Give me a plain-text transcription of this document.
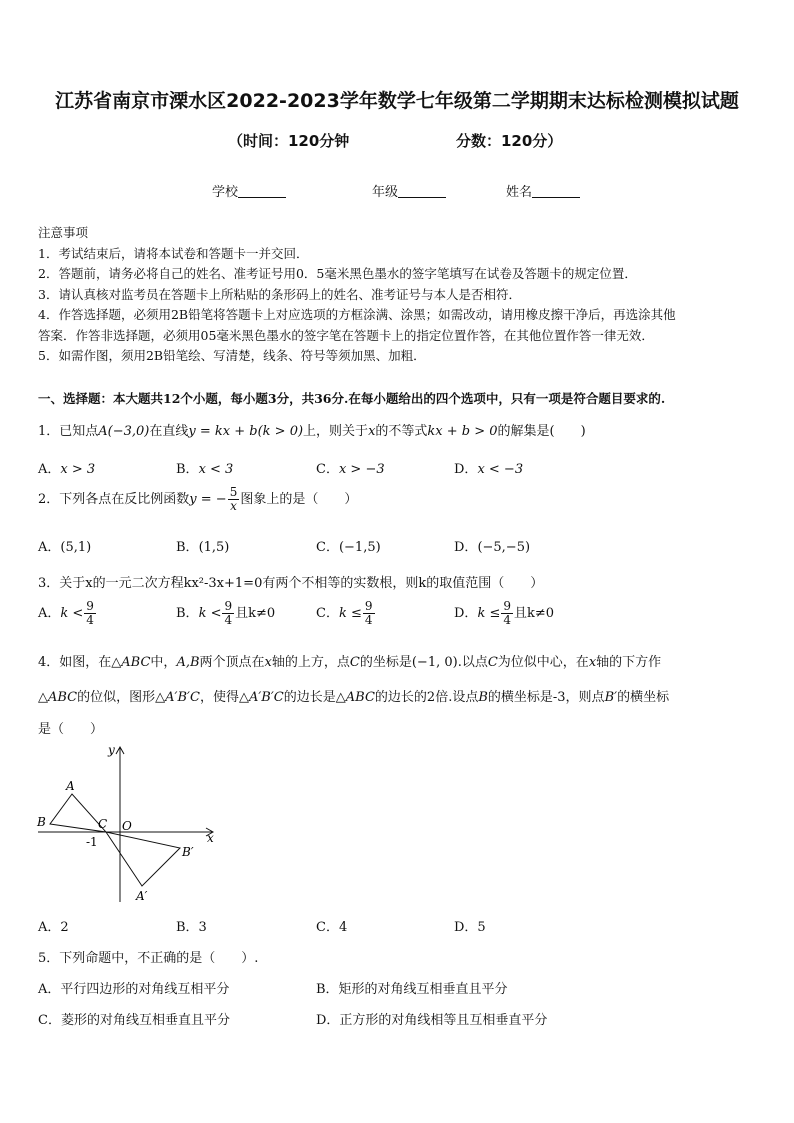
江苏省南京市溧水区2022-2023学年数学七年级第二学期期末达标检测模拟试题
（时间：120分钟	分数：120分）
学校	年级	姓名

注意事项

1．考试结束后，请将本试卷和答题卡一并交回．

2．答题前，请务必将自己的姓名、准考证号用0．5毫米黑色墨水的签字笔填写在试卷及答题卡的规定位置．

3．请认真核对监考员在答题卡上所粘贴的条形码上的姓名、准考证号与本人是否相符．

4．作答选择题，必须用2B铅笔将答题卡上对应选项的方框涂满、涂黑；如需改动，请用橡皮擦干净后，再选涂其他

答案．作答非选择题，必须用05毫米黑色墨水的签字笔在答题卡上的指定位置作答，在其他位置作答一律无效．

5．如需作图，须用2B铅笔绘、写清楚，线条、符号等须加黑、加粗．

一、选择题：本大题共12个小题，每小题3分，共36分.在每小题给出的四个选项中，只有一项是符合题目要求的.
1．已知点A(−3,0)在直线y = kx + b(k > 0)上，则关于x的不等式kx + b > 0的解集是(　　)
A．x > 3	B．x < 3	C．x > −3	D．x < −3
2．下列各点在反比例函数y = − $\frac{5}{x}$ 图象上的是（　　）
A．(5,1)	B．(1,5)	C．(−1,5)	D．(−5,−5)
3．关于x的一元二次方程kx²-3x+1=0有两个不相等的实数根，则k的取值范围（　　）
A．$k < \frac{9}{4}$	B．$k < \frac{9}{4}$ 且k≠0	C．$k \le \frac{9}{4}$	D．$k \le \frac{9}{4}$ 且k≠0
4．如图，在△ABC中，A,B两个顶点在x轴的上方，点C的坐标是(−1, 0).以点C为位似中心，在x轴的下方作
△ABC的位似，图形△A′B′C，使得△A′B′C的边长是△ABC的边长的2倍.设点B的横坐标是-3，则点B′的横坐标
是（　　）
A
B	C O
x
y
-1
B′
A′
A．2	B．3	C．4	D．5
5．下列命题中，不正确的是（　　）.
A．平行四边形的对角线互相平分	B．矩形的对角线互相垂直且平分
C．菱形的对角线互相垂直且平分	D．正方形的对角线相等且互相垂直平分
